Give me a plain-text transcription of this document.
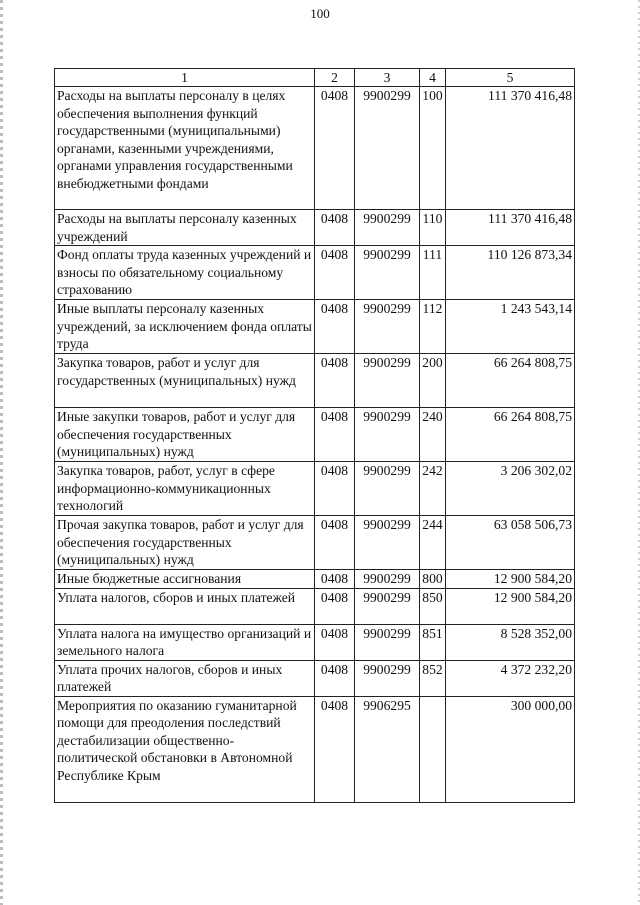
100
1	2	3	4	5
Расходы на выплаты персоналу в целях обеспечения выполнения функций государственными (муниципальными) органами, казенными учреждениями, органами управления государственными внебюджетными фондами	0408	9900299	100	111 370 416,48
Расходы на выплаты персоналу казенных учреждений	0408	9900299	110	111 370 416,48
Фонд оплаты труда казенных учреждений и взносы по обязательному социальному страхованию	0408	9900299	111	110 126 873,34
Иные выплаты персоналу казенных учреждений, за исключением фонда оплаты труда	0408	9900299	112	1 243 543,14
Закупка товаров, работ и услуг для государственных (муниципальных) нужд	0408	9900299	200	66 264 808,75
Иные закупки товаров, работ и услуг для обеспечения государственных (муниципальных) нужд	0408	9900299	240	66 264 808,75
Закупка товаров, работ, услуг в сфере информационно-коммуникационных технологий	0408	9900299	242	3 206 302,02
Прочая закупка товаров, работ и услуг для обеспечения государственных (муниципальных) нужд	0408	9900299	244	63 058 506,73
Иные бюджетные ассигнования	0408	9900299	800	12 900 584,20
Уплата налогов, сборов и иных платежей	0408	9900299	850	12 900 584,20
Уплата налога на имущество организаций и земельного налога	0408	9900299	851	8 528 352,00
Уплата прочих налогов, сборов и иных платежей	0408	9900299	852	4 372 232,20
Мероприятия по оказанию гуманитарной помощи для преодоления последствий дестабилизации общественно-политической обстановки в Автономной Республике Крым	0408	9906295		300 000,00
